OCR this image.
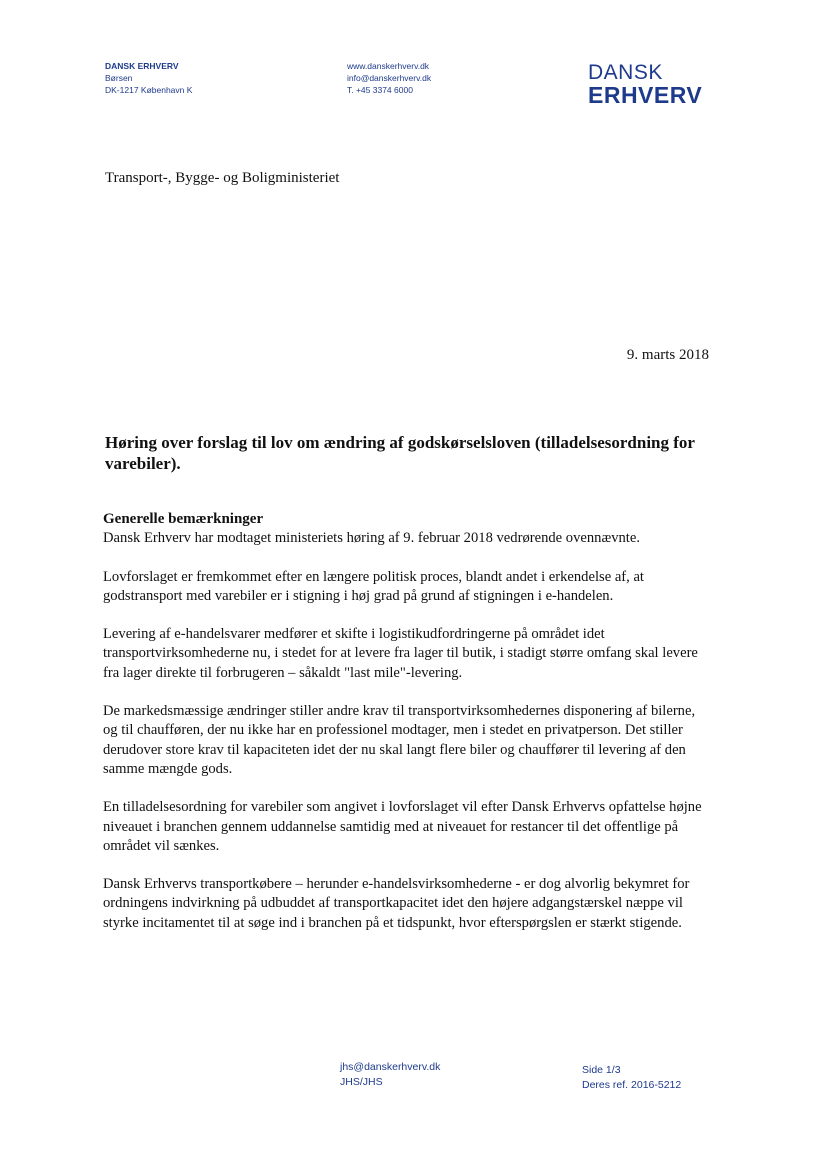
DANSK ERHVERV
Børsen
DK-1217 København K
www.danskerhverv.dk
info@danskerhverv.dk
T. +45 3374 6000
DANSK
ERHVERV
Transport-, Bygge- og Boligministeriet
9. marts 2018
Høring over forslag til lov om ændring af godskørselsloven (tilladelsesordning for varebiler).
Generelle bemærkninger

Dansk Erhverv har modtaget ministeriets høring af 9. februar 2018 vedrørende ovennævnte.

Lovforslaget er fremkommet efter en længere politisk proces, blandt andet i erkendelse af, at godstransport med varebiler er i stigning i høj grad på grund af stigningen i e-handelen.

Levering af e-handelsvarer medfører et skifte i logistikudfordringerne på området idet transportvirksomhederne nu, i stedet for at levere fra lager til butik, i stadigt større omfang skal levere fra lager direkte til forbrugeren – såkaldt "last mile"-levering.

De markedsmæssige ændringer stiller andre krav til transportvirksomhedernes disponering af bilerne, og til chaufføren, der nu ikke har en professionel modtager, men i stedet en privatperson. Det stiller derudover store krav til kapaciteten idet der nu skal langt flere biler og chauffører til levering af den samme mængde gods.

En tilladelsesordning for varebiler som angivet i lovforslaget vil efter Dansk Erhvervs opfattelse højne niveauet i branchen gennem uddannelse samtidig med at niveauet for restancer til det offentlige på området vil sænkes.

Dansk Erhvervs transportkøbere – herunder e-handelsvirksomhederne - er dog alvorlig bekymret for ordningens indvirkning på udbuddet af transportkapacitet idet den højere adgangstærskel næppe vil styrke incitamentet til at søge ind i branchen på et tidspunkt, hvor efterspørgslen er stærkt stigende.

jhs@danskerhverv.dk
JHS/JHS
Side 1/3
Deres ref. 2016-5212
